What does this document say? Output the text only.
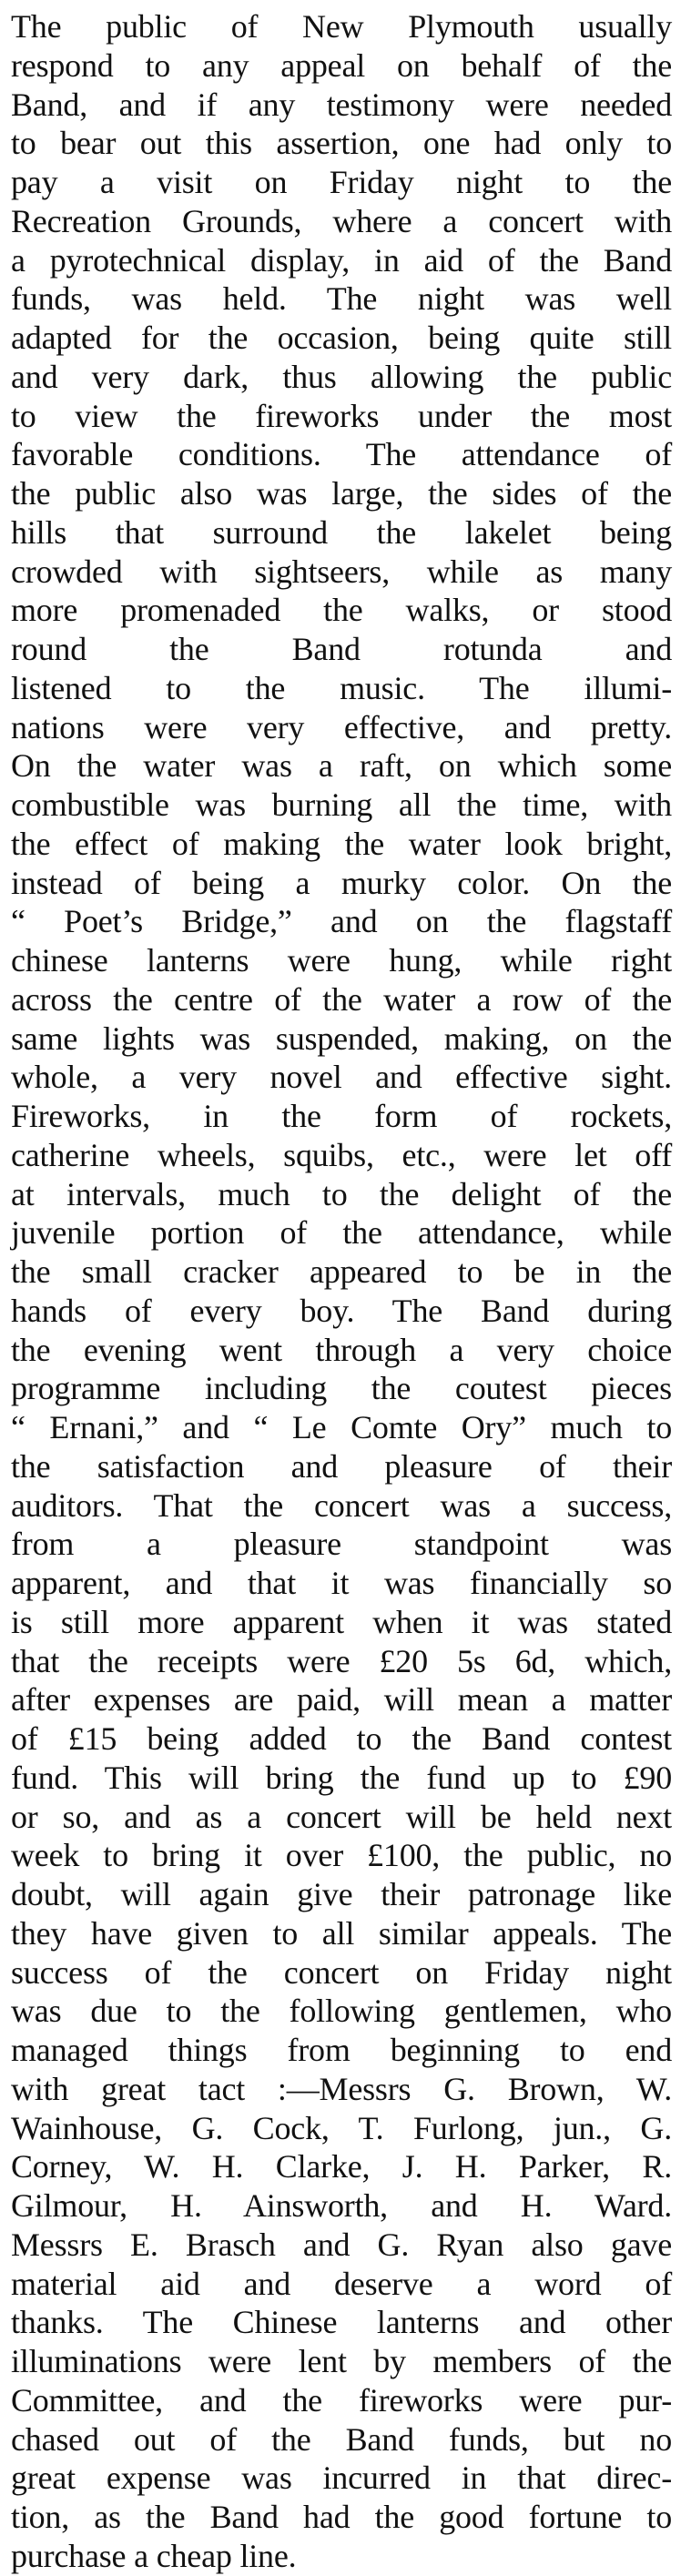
The public of New Plymouth usually
respond to any appeal on behalf of the
Band, and if any testimony were needed
to bear out this assertion, one had only to
pay a visit on Friday night to the
Recreation Grounds, where a concert with
a pyrotechnical display, in aid of the Band
funds, was held. The night was well
adapted for the occasion, being quite still
and very dark, thus allowing the public
to view the fireworks under the most
favorable conditions. The attendance of
the public also was large, the sides of the
hills that surround the lakelet being
crowded with sightseers, while as many
more promenaded the walks, or stood
round the Band rotunda and
listened to the music. The illumi-
nations were very effective, and pretty.
On the water was a raft, on which some
combustible was burning all the time, with
the effect of making the water look bright,
instead of being a murky color. On the
“ Poet’s Bridge,” and on the flagstaff
chinese lanterns were hung, while right
across the centre of the water a row of the
same lights was suspended, making, on the
whole, a very novel and effective sight.
Fireworks, in the form of rockets,
catherine wheels, squibs, etc., were let off
at intervals, much to the delight of the
juvenile portion of the attendance, while
the small cracker appeared to be in the
hands of every boy. The Band during
the evening went through a very choice
programme including the coutest pieces
“ Ernani,” and “ Le Comte Ory” much to
the satisfaction and pleasure of their
auditors. That the concert was a success,
from a pleasure standpoint was
apparent, and that it was financially so
is still more apparent when it was stated
that the receipts were £20 5s 6d, which,
after expenses are paid, will mean a matter
of £15 being added to the Band contest
fund. This will bring the fund up to £90
or so, and as a concert will be held next
week to bring it over £100, the public, no
doubt, will again give their patronage like
they have given to all similar appeals. The
success of the concert on Friday night
was due to the following gentlemen, who
managed things from beginning to end
with great tact :—Messrs G. Brown, W.
Wainhouse, G. Cock, T. Furlong, jun., G.
Corney, W. H. Clarke, J. H. Parker, R.
Gilmour, H. Ainsworth, and H. Ward.
Messrs E. Brasch and G. Ryan also gave
material aid and deserve a word of
thanks. The Chinese lanterns and other
illuminations were lent by members of the
Committee, and the fireworks were pur-
chased out of the Band funds, but no
great expense was incurred in that direc-
tion, as the Band had the good fortune to
purchase a cheap line.
